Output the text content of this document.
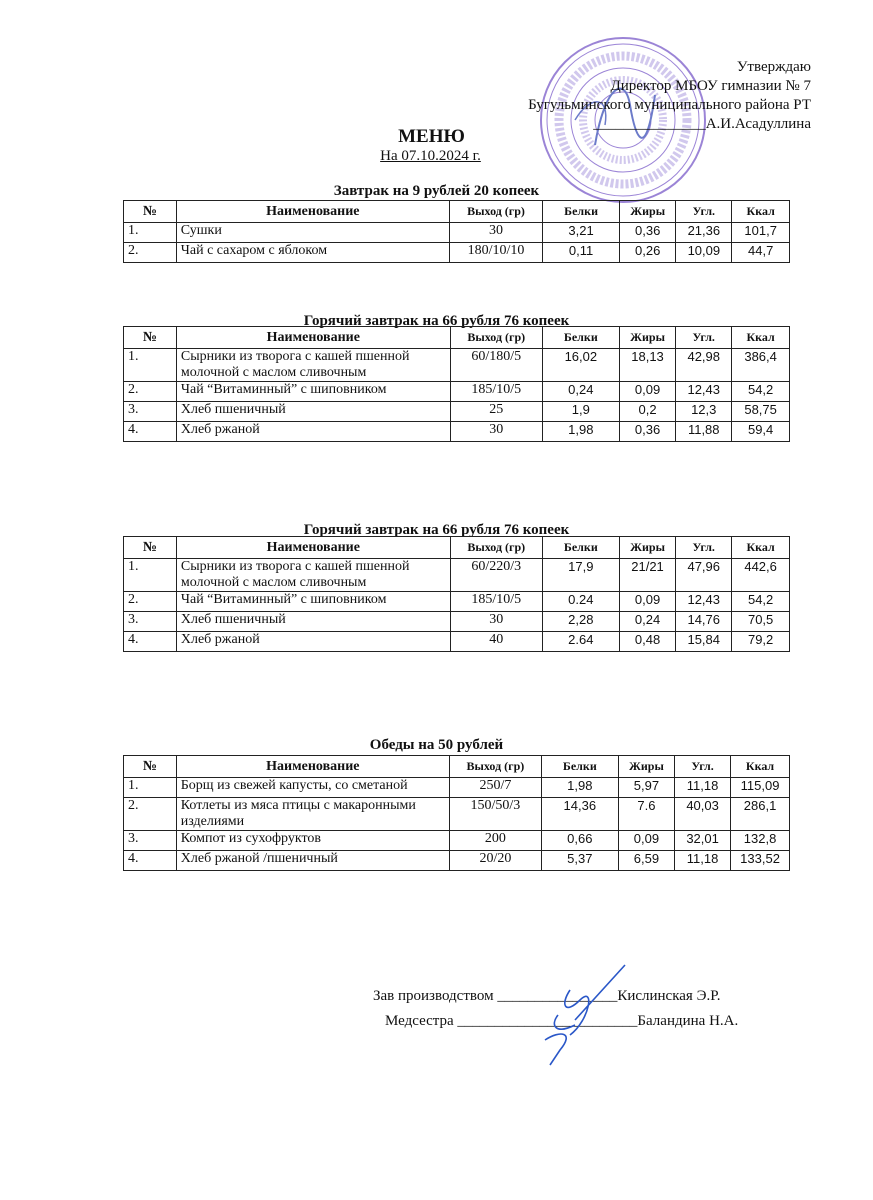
Утверждаю
Директор МБОУ гимназии № 7
Бугульминского муниципального района РТ
_______________А.И.Асадуллина
МЕНЮ
На 07.10.2024 г.
Завтрак на 9 рублей 20 копеек
№	Наименование	Выход (гр)	Белки	Жиры	Угл.	Ккал
1.	Сушки	30	3,21	0,36	21,36	101,7
2.	Чай с сахаром с яблоком	180/10/10	0,11	0,26	10,09	44,7
Горячий завтрак на 66 рубля 76 копеек
№	Наименование	Выход (гр)	Белки	Жиры	Угл.	Ккал
1.	Сырники из творога с кашей пшенной молочной с маслом сливочным	60/180/5	16,02	18,13	42,98	386,4
2.	Чай “Витаминный” с шиповником	185/10/5	0,24	0,09	12,43	54,2
3.	Хлеб пшеничный	25	1,9	0,2	12,3	58,75
4.	Хлеб ржаной	30	1,98	0,36	11,88	59,4
Горячий завтрак на 66 рубля 76 копеек
№	Наименование	Выход (гр)	Белки	Жиры	Угл.	Ккал
1.	Сырники из творога с кашей пшенной молочной с маслом сливочным	60/220/3	17,9	21/21	47,96	442,6
2.	Чай “Витаминный” с шиповником	185/10/5	0.24	0,09	12,43	54,2
3.	Хлеб пшеничный	30	2,28	0,24	14,76	70,5
4.	Хлеб ржаной	40	2.64	0,48	15,84	79,2
Обеды на 50 рублей
№	Наименование	Выход (гр)	Белки	Жиры	Угл.	Ккал
1.	Борщ из свежей капусты, со сметаной	250/7	1,98	5,97	11,18	115,09
2.	Котлеты из мяса птицы с макаронными изделиями	150/50/3	14,36	7.6	40,03	286,1
3.	Компот из сухофруктов	200	0,66	0,09	32,01	132,8
4.	Хлеб ржаной /пшеничный	20/20	5,37	6,59	11,18	133,52
Зав производством ________________Кислинская Э.Р.
Медсестра ________________________Баландина Н.А.
